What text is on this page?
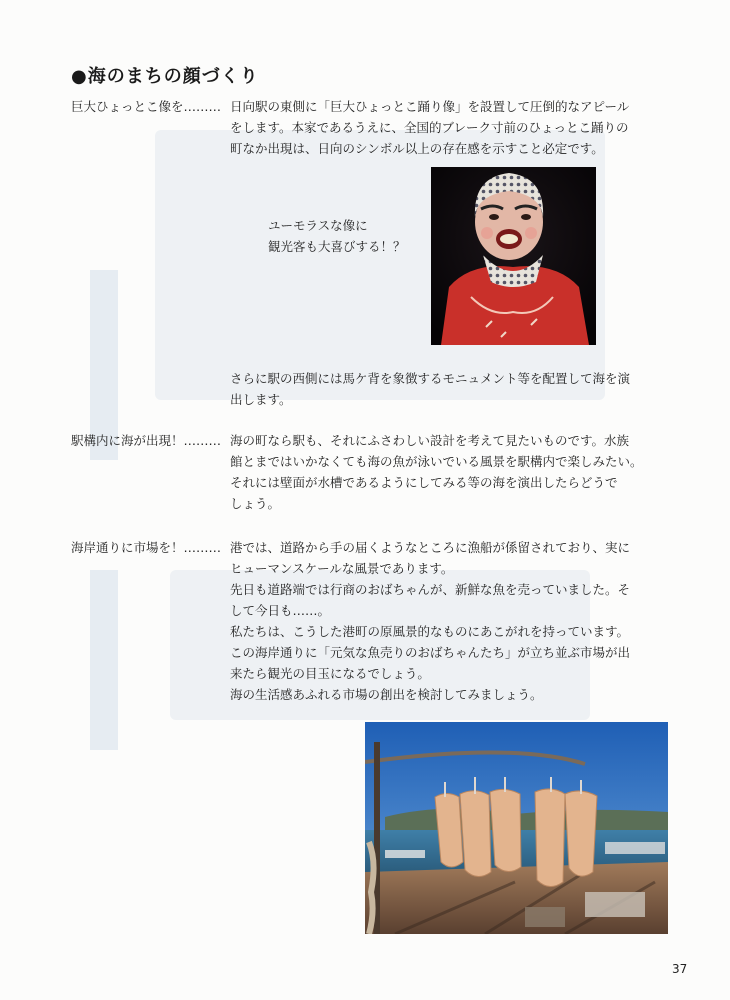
●海のまちの顔づくり
巨大ひょっとこ像を……… 日向駅の東側に「巨大ひょっとこ踊り像」を設置して圧倒的なアピール
をします。本家であるうえに、全国的ブレーク寸前のひょっとこ踊りの
町なか出現は、日向のシンボル以上の存在感を示すこと必定です。
ユーモラスな像に
観光客も大喜びする！？
さらに駅の西側には馬ケ背を象徴するモニュメント等を配置して海を演
出します。
駅構内に海が出現！……… 海の町なら駅も、それにふさわしい設計を考えて見たいものです。水族
館とまではいかなくても海の魚が泳いでいる風景を駅構内で楽しみたい。
それには壁面が水槽であるようにしてみる等の海を演出したらどうで
しょう。
海岸通りに市場を！……… 港では、道路から手の届くようなところに漁船が係留されており、実に
ヒューマンスケールな風景であります。
先日も道路端では行商のおばちゃんが、新鮮な魚を売っていました。そ
して今日も……。
私たちは、こうした港町の原風景的なものにあこがれを持っています。
この海岸通りに「元気な魚売りのおばちゃんたち」が立ち並ぶ市場が出
来たら観光の目玉になるでしょう。
海の生活感あふれる市場の創出を検討してみましょう。
37
